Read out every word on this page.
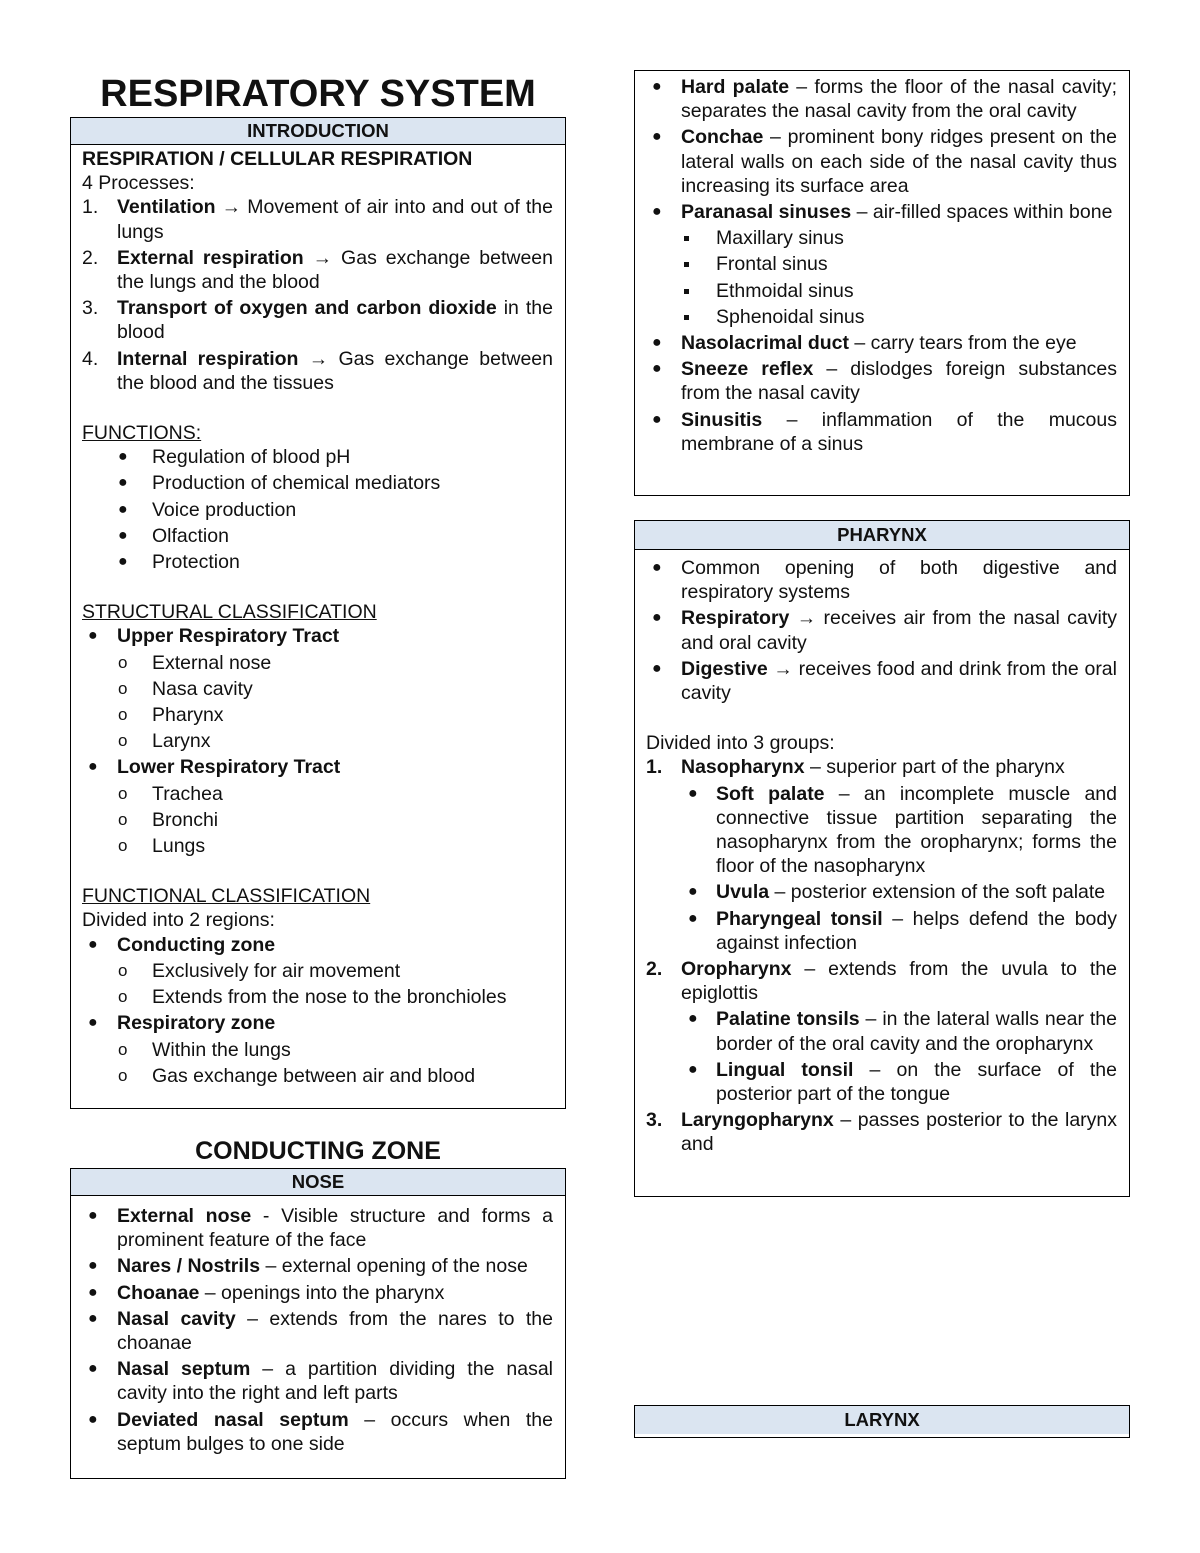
RESPIRATORY SYSTEM
INTRODUCTION
RESPIRATION / CELLULAR RESPIRATION
4 Processes:
1. Ventilation → Movement of air into and out of the lungs
2. External respiration → Gas exchange between the lungs and the blood
3. Transport of oxygen and carbon dioxide in the blood
4. Internal respiration → Gas exchange between the blood and the tissues
FUNCTIONS:
● Regulation of blood pH
● Production of chemical mediators
● Voice production
● Olfaction
● Protection
STRUCTURAL CLASSIFICATION
● Upper Respiratory Tract
o External nose
o Nasa cavity
o Pharynx
o Larynx
● Lower Respiratory Tract
o Trachea
o Bronchi
o Lungs
FUNCTIONAL CLASSIFICATION
Divided into 2 regions:
● Conducting zone
o Exclusively for air movement
o Extends from the nose to the bronchioles
● Respiratory zone
o Within the lungs
o Gas exchange between air and blood
CONDUCTING ZONE
NOSE
● External nose - Visible structure and forms a prominent feature of the face
● Nares / Nostrils – external opening of the nose
● Choanae – openings into the pharynx
● Nasal cavity – extends from the nares to the choanae
● Nasal septum – a partition dividing the nasal cavity into the right and left parts
● Deviated nasal septum – occurs when the septum bulges to one side
● Hard palate – forms the floor of the nasal cavity; separates the nasal cavity from the oral cavity
● Conchae – prominent bony ridges present on the lateral walls on each side of the nasal cavity thus increasing its surface area
● Paranasal sinuses – air-filled spaces within bone
Maxillary sinus
Frontal sinus
Ethmoidal sinus
Sphenoidal sinus
● Nasolacrimal duct – carry tears from the eye
● Sneeze reflex – dislodges foreign substances from the nasal cavity
● Sinusitis – inflammation of the mucous membrane of a sinus
PHARYNX
● Common opening of both digestive and respiratory systems
● Respiratory → receives air from the nasal cavity and oral cavity
● Digestive → receives food and drink from the oral cavity
Divided into 3 groups:
1. Nasopharynx – superior part of the pharynx
● Soft palate – an incomplete muscle and connective tissue partition separating the nasopharynx from the oropharynx; forms the floor of the nasopharynx
● Uvula – posterior extension of the soft palate
● Pharyngeal tonsil – helps defend the body against infection
2. Oropharynx – extends from the uvula to the epiglottis
● Palatine tonsils – in the lateral walls near the border of the oral cavity and the oropharynx
● Lingual tonsil – on the surface of the posterior part of the tongue
3. Laryngopharynx – passes posterior to the larynx and
LARYNX
